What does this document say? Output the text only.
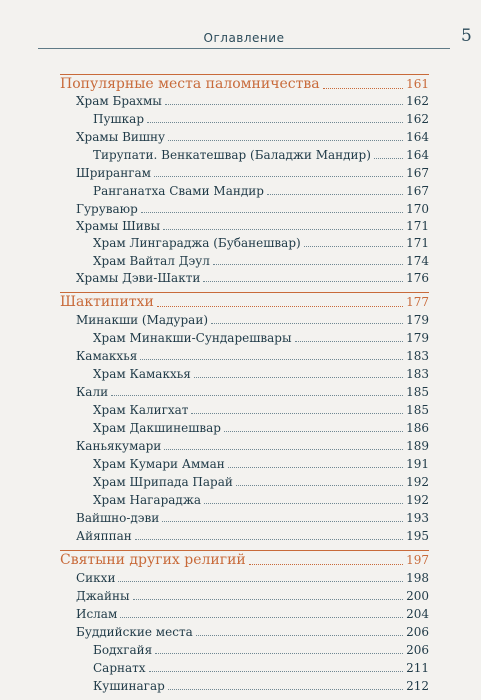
Оглавление	5
Популярные места паломничества	161
Храм Брахмы	162
Пушкар	162
Храмы Вишну	164
Тирупати. Венкатешвар (Баладжи Мандир)	164
Шрирангам	167
Ранганатха Свами Мандир	167
Гуруваюр	170
Храмы Шивы	171
Храм Лингараджа (Бубанешвар)	171
Храм Вайтал Дэул	174
Храмы Дэви-Шакти	176
Шактипитхи	177
Минакши (Мадураи)	179
Храм Минакши-Сундарешвары	179
Камакхья	183
Храм Камакхья	183
Кали	185
Храм Калигхат	185
Храм Дакшинешвар	186
Каньякумари	189
Храм Кумари Амман	191
Храм Шрипада Парай	192
Храм Нагараджа	192
Вайшно-дэви	193
Айяппан	195
Святыни других религий	197
Сикхи	198
Джайны	200
Ислам	204
Буддийские места	206
Бодхгайя	206
Сарнатх	211
Кушинагар	212
